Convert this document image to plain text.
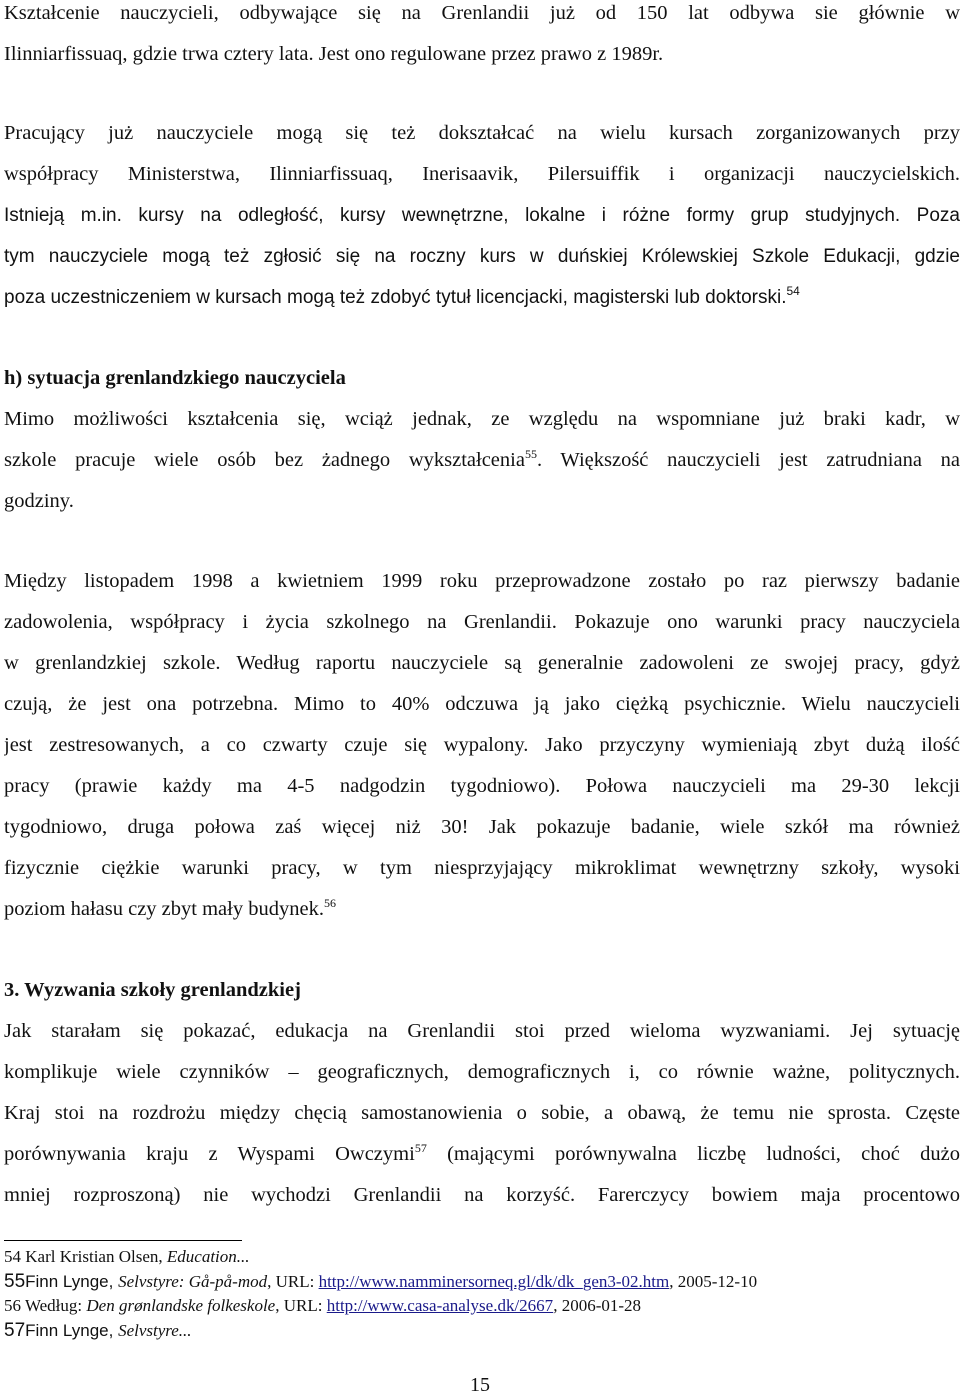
Kształcenie nauczycieli, odbywające się na Grenlandii już od 150 lat odbywa sie głównie w
Ilinniarfissuaq, gdzie trwa cztery lata. Jest ono regulowane przez prawo z 1989r.
Pracujący już nauczyciele mogą się też dokształcać na wielu kursach zorganizowanych przy
współpracy Ministerstwa, Ilinniarfissuaq, Inerisaavik, Pilersuiffik i organizacji nauczycielskich.
Istnieją m.in. kursy na odległość, kursy wewnętrzne, lokalne i różne formy grup studyjnych. Poza
tym nauczyciele mogą też zgłosić się na roczny kurs w duńskiej Królewskiej Szkole Edukacji, gdzie
poza uczestniczeniem w kursach mogą też zdobyć tytuł licencjacki, magisterski lub doktorski.$^{54}$
h) sytuacja grenlandzkiego nauczyciela
Mimo możliwości kształcenia się, wciąż jednak, ze względu na wspomniane już braki kadr, w
szkole pracuje wiele osób bez żadnego wykształcenia$^{55}$. Większość nauczycieli jest zatrudniana na
godziny.
Między listopadem 1998 a kwietniem 1999 roku przeprowadzone zostało po raz pierwszy badanie
zadowolenia, współpracy i życia szkolnego na Grenlandii. Pokazuje ono warunki pracy nauczyciela
w grenlandzkiej szkole. Według raportu nauczyciele są generalnie zadowoleni ze swojej pracy, gdyż
czują, że jest ona potrzebna. Mimo to 40% odczuwa ją jako ciężką psychicznie. Wielu nauczycieli
jest zestresowanych, a co czwarty czuje się wypalony. Jako przyczyny wymieniają zbyt dużą ilość
pracy (prawie każdy ma 4-5 nadgodzin tygodniowo). Połowa nauczycieli ma 29-30 lekcji
tygodniowo, druga połowa zaś więcej niż 30! Jak pokazuje badanie, wiele szkół ma również
fizycznie ciężkie warunki pracy, w tym niesprzyjający mikroklimat wewnętrzny szkoły, wysoki
poziom hałasu czy zbyt mały budynek.$^{56}$
3. Wyzwania szkoły grenlandzkiej
Jak starałam się pokazać, edukacja na Grenlandii stoi przed wieloma wyzwaniami. Jej sytuację
komplikuje wiele czynników – geograficznych, demograficznych i, co równie ważne, politycznych.
Kraj stoi na rozdrożu między chęcią samostanowienia o sobie, a obawą, że temu nie sprosta. Częste
porównywania kraju z Wyspami Owczymi$^{57}$ (mającymi porównywalna liczbę ludności, choć dużo
mniej rozproszoną) nie wychodzi Grenlandii na korzyść. Farerczycy bowiem maja procentowo
54 Karl Kristian Olsen, Education...
55Finn Lynge, Selvstyre: Gå-på-mod, URL: http://www.namminersorneq.gl/dk/dk_gen3-02.htm, 2005-12-10
56 Według: Den grønlandske folkeskole, URL: http://www.casa-analyse.dk/2667, 2006-01-28
57Finn Lynge, Selvstyre...
15
